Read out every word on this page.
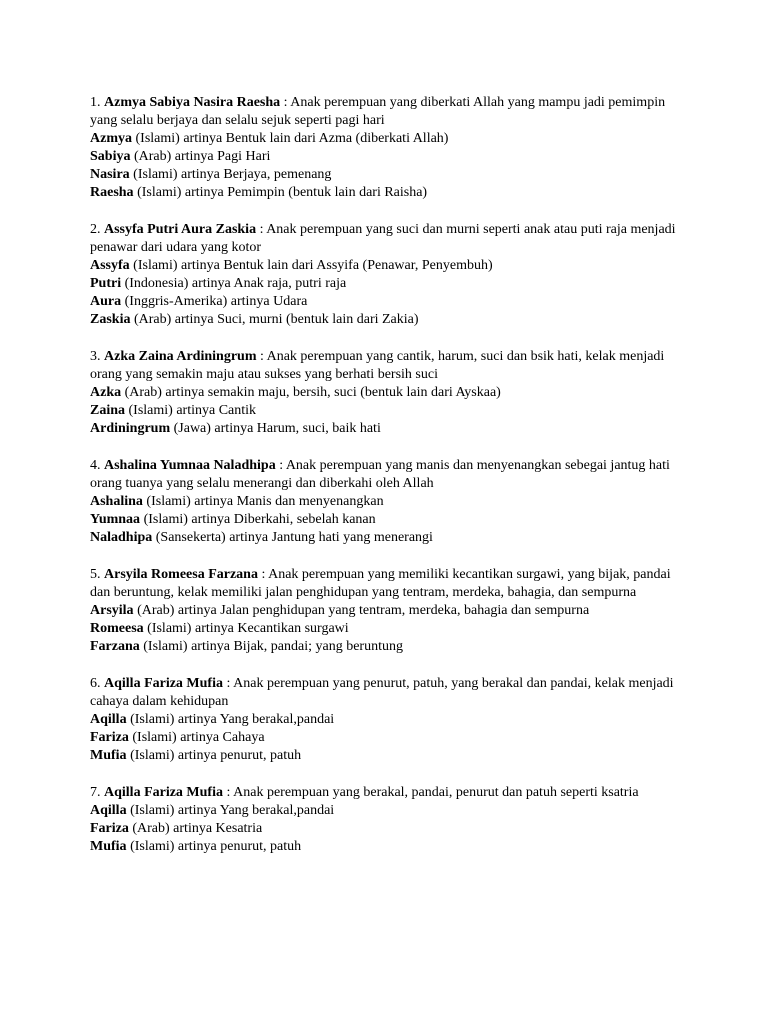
1. Azmya Sabiya Nasira Raesha : Anak perempuan yang diberkati Allah yang mampu jadi pemimpin yang selalu berjaya dan selalu sejuk seperti pagi hari
Azmya (Islami) artinya Bentuk lain dari Azma (diberkati Allah)
Sabiya (Arab) artinya Pagi Hari
Nasira (Islami) artinya Berjaya, pemenang
Raesha (Islami) artinya Pemimpin (bentuk lain dari Raisha)
2. Assyfa Putri Aura Zaskia : Anak perempuan yang suci dan murni seperti anak atau puti raja menjadi penawar dari udara yang kotor
Assyfa (Islami) artinya Bentuk lain dari Assyifa (Penawar, Penyembuh)
Putri (Indonesia) artinya Anak raja, putri raja
Aura (Inggris-Amerika) artinya Udara
Zaskia (Arab) artinya Suci, murni (bentuk lain dari Zakia)
3. Azka Zaina Ardiningrum : Anak perempuan yang cantik, harum, suci dan bsik hati, kelak menjadi orang yang semakin maju atau sukses yang berhati bersih suci
Azka (Arab) artinya semakin maju, bersih, suci (bentuk lain dari Ayskaa)
Zaina (Islami) artinya Cantik
Ardiningrum (Jawa) artinya Harum, suci, baik hati
4. Ashalina Yumnaa Naladhipa : Anak perempuan yang manis dan menyenangkan sebegai jantug hati orang tuanya yang selalu menerangi dan diberkahi oleh Allah
Ashalina (Islami) artinya Manis dan menyenangkan
Yumnaa (Islami) artinya Diberkahi, sebelah kanan
Naladhipa (Sansekerta) artinya Jantung hati yang menerangi
5. Arsyila Romeesa Farzana : Anak perempuan yang memiliki kecantikan surgawi, yang bijak, pandai dan beruntung, kelak memiliki jalan penghidupan yang tentram, merdeka, bahagia, dan sempurna
Arsyila (Arab) artinya Jalan penghidupan yang tentram, merdeka, bahagia dan sempurna
Romeesa (Islami) artinya Kecantikan surgawi
Farzana (Islami) artinya Bijak, pandai; yang beruntung
6. Aqilla Fariza Mufia : Anak perempuan yang penurut, patuh, yang berakal dan pandai, kelak menjadi cahaya dalam kehidupan
Aqilla (Islami) artinya Yang berakal,pandai
Fariza (Islami) artinya Cahaya
Mufia (Islami) artinya penurut, patuh
7. Aqilla Fariza Mufia : Anak perempuan yang berakal, pandai, penurut dan patuh seperti ksatria
Aqilla (Islami) artinya Yang berakal,pandai
Fariza (Arab) artinya Kesatria
Mufia (Islami) artinya penurut, patuh
